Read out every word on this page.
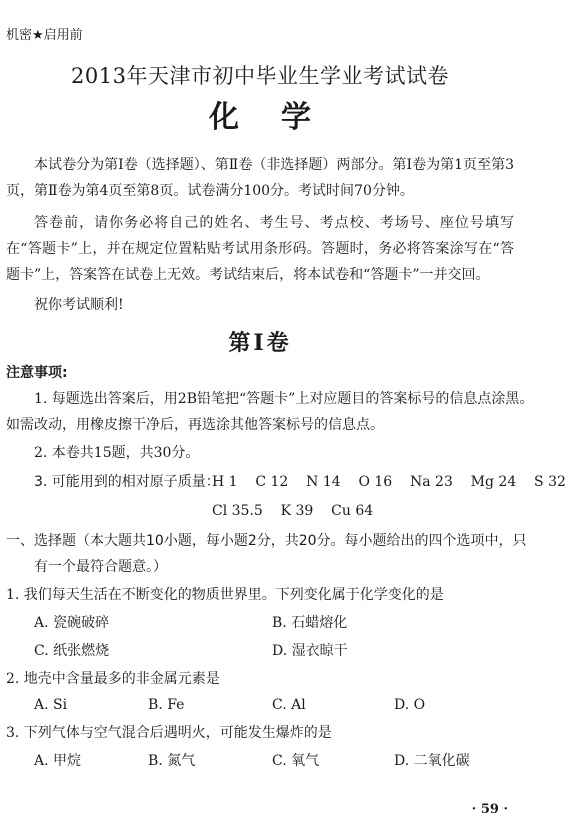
机密★启用前
2013年天津市初中毕业生学业考试试卷
化学
本试卷分为第Ⅰ卷（选择题）、第Ⅱ卷（非选择题）两部分。第Ⅰ卷为第1页至第3页，第Ⅱ卷为第4页至第8页。试卷满分100分。考试时间70分钟。
答卷前，请你务必将自己的姓名、考生号、考点校、考场号、座位号填写在“答题卡”上，并在规定位置粘贴考试用条形码。答题时，务必将答案涂写在“答题卡”上，答案答在试卷上无效。考试结束后，将本试卷和“答题卡”一并交回。
祝你考试顺利!
第Ⅰ卷
注意事项:
1. 每题选出答案后，用2B铅笔把“答题卡”上对应题目的答案标号的信息点涂黑。
如需改动，用橡皮擦干净后，再选涂其他答案标号的信息点。
2. 本卷共15题，共30分。
3. 可能用到的相对原子质量：
H 1    C 12    N 14    O 16    Na 23    Mg 24    S 32
Cl 35.5    K 39    Cu 64
一、选择题（本大题共10小题，每小题2分，共20分。每小题给出的四个选项中，只
有一个最符合题意。）
1. 我们每天生活在不断变化的物质世界里。下列变化属于化学变化的是
A. 瓷碗破碎	B. 石蜡熔化
C. 纸张燃烧	D. 湿衣晾干
2. 地壳中含量最多的非金属元素是
A. Si	B. Fe	C. Al	D. O
3. 下列气体与空气混合后遇明火，可能发生爆炸的是
A. 甲烷	B. 氮气	C. 氧气	D. 二氧化碳
· 59 ·
